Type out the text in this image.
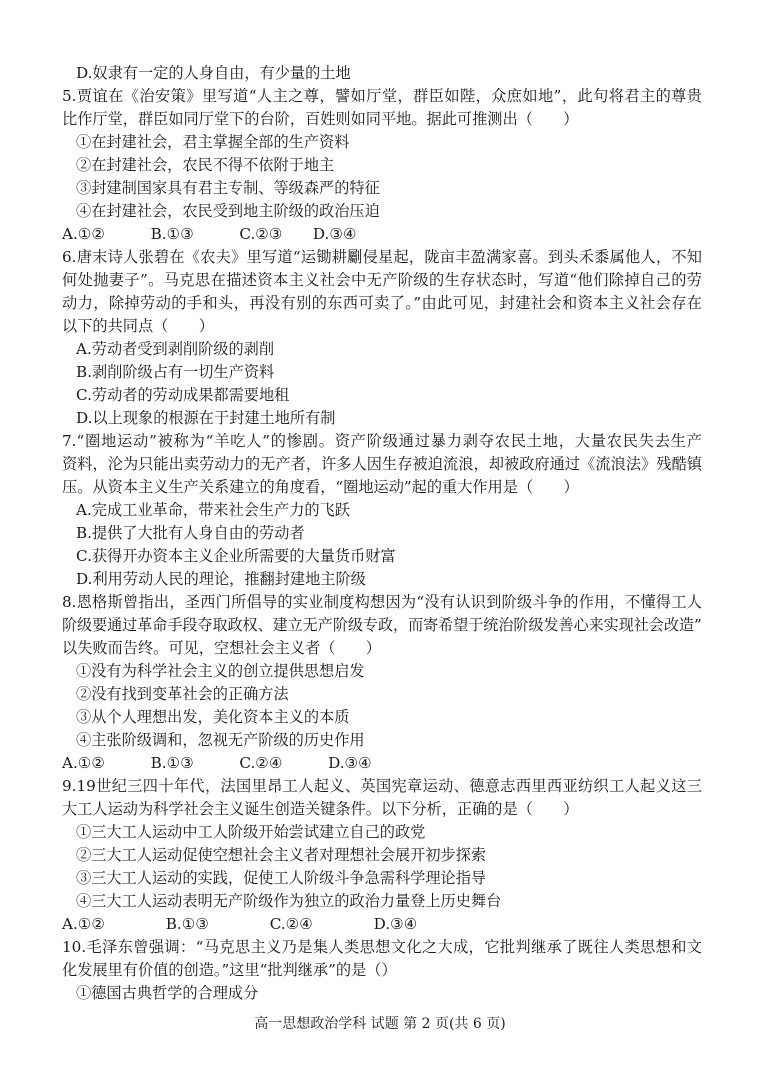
D.奴隶有一定的人身自由，有少量的土地
5.贾谊在《治安策》里写道“人主之尊，譬如厅堂，群臣如陛，众庶如地”，此句将君主的尊贵
比作厅堂，群臣如同厅堂下的台阶，百姓则如同平地。据此可推测出（　　）
①在封建社会，君主掌握全部的生产资料
②在封建社会，农民不得不依附于地主
③封建制国家具有君主专制、等级森严的特征
④在封建社会，农民受到地主阶级的政治压迫
A.①②　　　B.①③　　　C.②③　　D.③④
6.唐末诗人张碧在《农夫》里写道“运锄耕劚侵星起，陇亩丰盈满家喜。到头禾黍属他人，不知
何处抛妻子”。马克思在描述资本主义社会中无产阶级的生存状态时，写道“他们除掉自己的劳
动力，除掉劳动的手和头，再没有别的东西可卖了。”由此可见，封建社会和资本主义社会存在
以下的共同点（　　）
A.劳动者受到剥削阶级的剥削
B.剥削阶级占有一切生产资料
C.劳动者的劳动成果都需要地租
D.以上现象的根源在于封建土地所有制
7.“圈地运动”被称为“羊吃人”的惨剧。资产阶级通过暴力剥夺农民土地，大量农民失去生产
资料，沦为只能出卖劳动力的无产者，许多人因生存被迫流浪，却被政府通过《流浪法》残酷镇
压。从资本主义生产关系建立的角度看，“圈地运动”起的重大作用是（　　）
A.完成工业革命，带来社会生产力的飞跃
B.提供了大批有人身自由的劳动者
C.获得开办资本主义企业所需要的大量货币财富
D.利用劳动人民的理论，推翻封建地主阶级
8.恩格斯曾指出，圣西门所倡导的实业制度构想因为“没有认识到阶级斗争的作用，不懂得工人
阶级要通过革命手段夺取政权、建立无产阶级专政，而寄希望于统治阶级发善心来实现社会改造”
以失败而告终。可见，空想社会主义者（　　）
①没有为科学社会主义的创立提供思想启发
②没有找到变革社会的正确方法
③从个人理想出发，美化资本主义的本质
④主张阶级调和，忽视无产阶级的历史作用
A.①②　　　B.①③　　　C.②④　　　D.③④
9.19世纪三四十年代，法国里昂工人起义、英国宪章运动、德意志西里西亚纺织工人起义这三
大工人运动为科学社会主义诞生创造关键条件。以下分析，正确的是（　　）
①三大工人运动中工人阶级开始尝试建立自己的政党
②三大工人运动促使空想社会主义者对理想社会展开初步探索
③三大工人运动的实践，促使工人阶级斗争急需科学理论指导
④三大工人运动表明无产阶级作为独立的政治力量登上历史舞台
A.①②　　　　B.①③　　　　C.②④　　　　D.③④
10.毛泽东曾强调：“马克思主义乃是集人类思想文化之大成，它批判继承了既往人类思想和文
化发展里有价值的创造。”这里“批判继承”的是（）
①德国古典哲学的合理成分
高一思想政治学科 试题 第 2 页(共 6 页)
